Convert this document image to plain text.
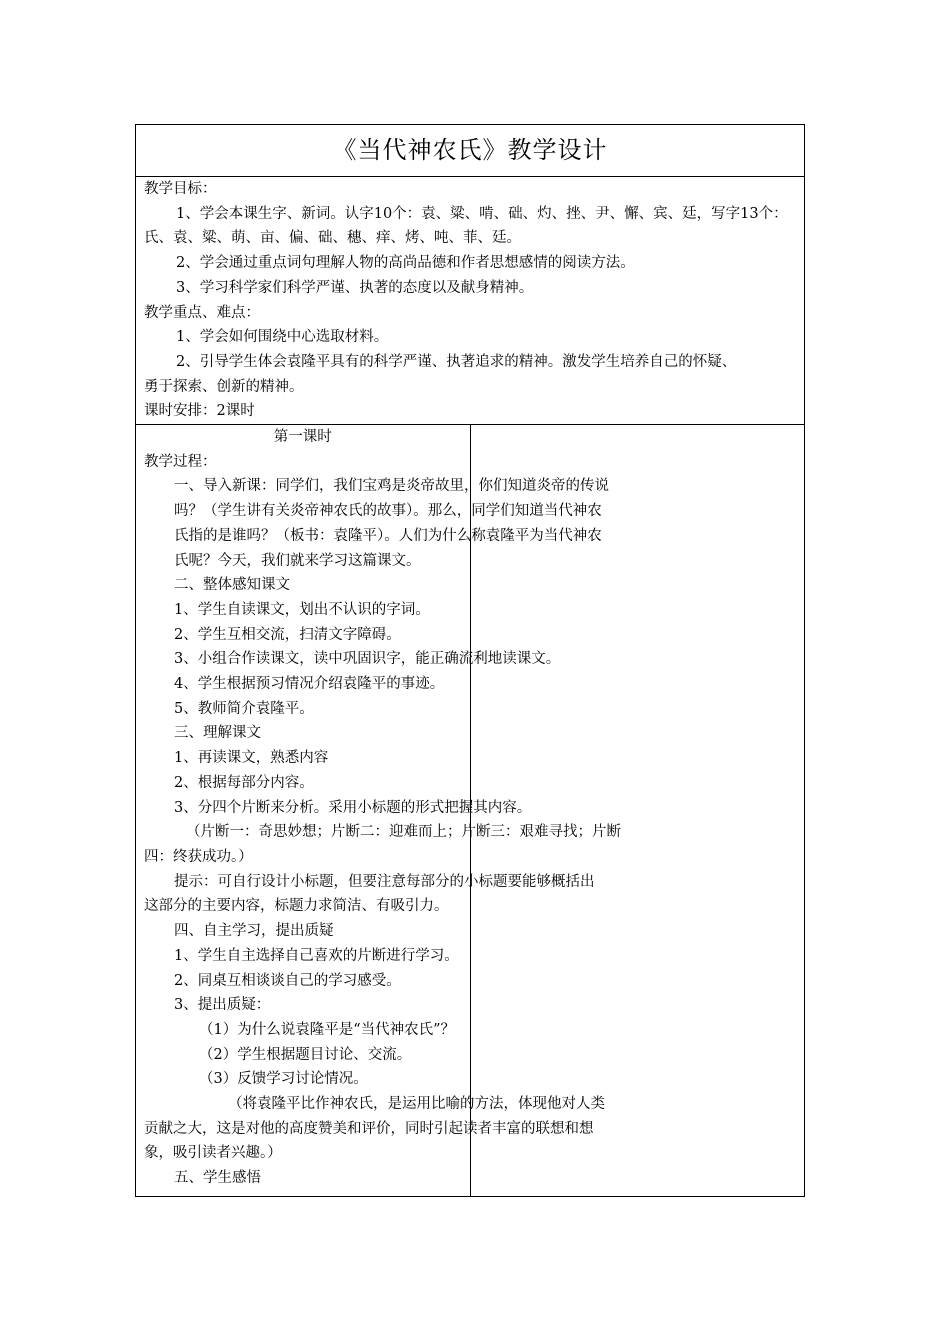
《当代神农氏》教学设计

教学目标：
1、学会本课生字、新词。认字10个：袁、粱、啃、础、灼、挫、尹、懈、宾、廷，写字13个：
氏、袁、粱、萌、亩、偏、础、穗、痒、烤、吨、菲、廷。
2、学会通过重点词句理解人物的高尚品德和作者思想感情的阅读方法。
3、学习科学家们科学严谨、执著的态度以及献身精神。
教学重点、难点：
1、学会如何围绕中心选取材料。
2、引导学生体会袁隆平具有的科学严谨、执著追求的精神。激发学生培养自己的怀疑、
勇于探索、创新的精神。
课时安排：2课时

第一课时
教学过程：
一、导入新课：同学们，我们宝鸡是炎帝故里，你们知道炎帝的传说
吗？（学生讲有关炎帝神农氏的故事）。那么，同学们知道当代神农
氏指的是谁吗？（板书：袁隆平）。人们为什么称袁隆平为当代神农
氏呢？今天，我们就来学习这篇课文。
二、整体感知课文
1、学生自读课文，划出不认识的字词。
2、学生互相交流，扫清文字障碍。
3、小组合作读课文，读中巩固识字，能正确流利地读课文。
4、学生根据预习情况介绍袁隆平的事迹。
5、教师简介袁隆平。
三、理解课文
1、再读课文，熟悉内容
2、根据每部分内容。
3、分四个片断来分析。采用小标题的形式把握其内容。
（片断一：奇思妙想；片断二：迎难而上；片断三：艰难寻找；片断
四：终获成功。）
提示：可自行设计小标题，但要注意每部分的小标题要能够概括出
这部分的主要内容，标题力求简洁、有吸引力。
四、自主学习，提出质疑
1、学生自主选择自己喜欢的片断进行学习。
2、同桌互相谈谈自己的学习感受。
3、提出质疑：
（1）为什么说袁隆平是“当代神农氏”？
（2）学生根据题目讨论、交流。
（3）反馈学习讨论情况。
（将袁隆平比作神农氏，是运用比喻的方法，体现他对人类
贡献之大，这是对他的高度赞美和评价，同时引起读者丰富的联想和想
象，吸引读者兴趣。）
五、学生感悟
